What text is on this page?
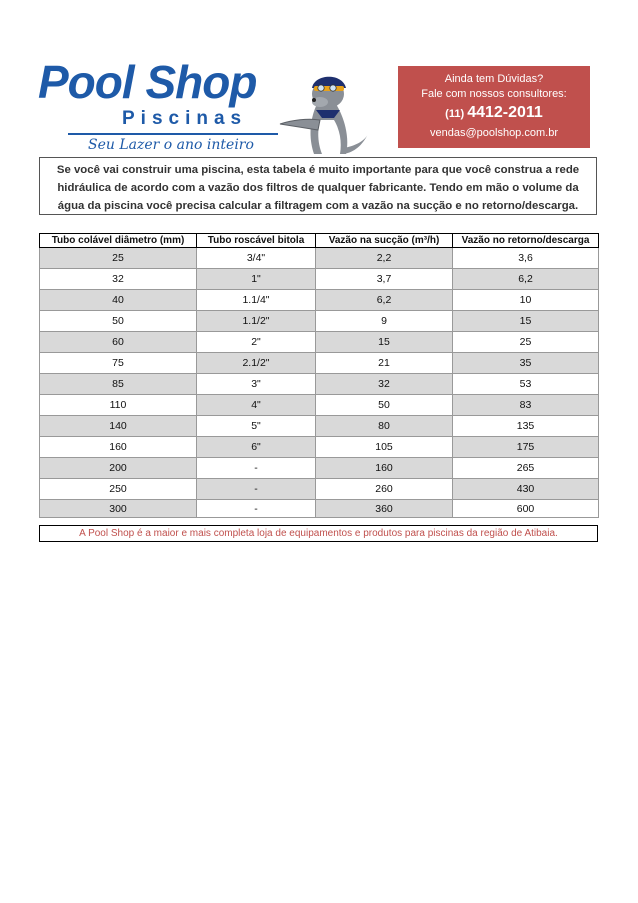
Pool Shop
Piscinas
Seu Lazer o ano inteiro
Ainda tem Dúvidas?
Fale com nossos consultores:
(11) 4412-2011
vendas@poolshop.com.br
Se você vai construir uma piscina, esta tabela é muito importante para que você construa a rede
hidráulica de acordo com a vazão dos filtros de qualquer fabricante. Tendo em mão o volume da
água da piscina você precisa calcular a filtragem com a vazão na sucção e no retorno/descarga.
Tubo colável diâmetro (mm)	Tubo roscável bitola	Vazão na sucção (m³/h)	Vazão no retorno/descarga
25	3/4"	2,2	3,6
32	1"	3,7	6,2
40	1.1/4"	6,2	10
50	1.1/2"	9	15
60	2"	15	25
75	2.1/2"	21	35
85	3"	32	53
110	4"	50	83
140	5"	80	135
160	6"	105	175
200	-	160	265
250	-	260	430
300	-	360	600
A Pool Shop é a maior e mais completa loja de equipamentos e produtos para piscinas da região de Atibaia.
